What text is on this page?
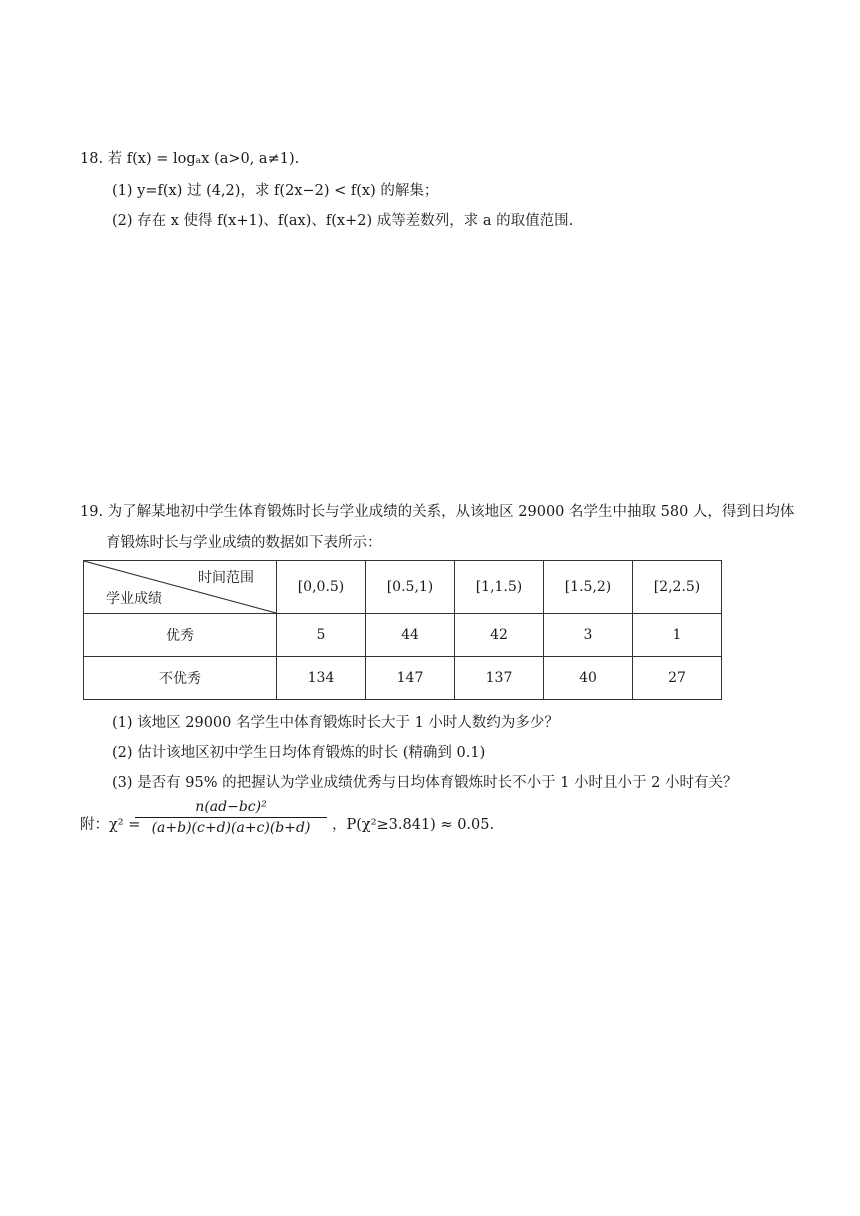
18. 若 f(x) = logₐx (a>0, a≠1).
(1) y=f(x) 过 (4,2)，求 f(2x−2) < f(x) 的解集；
(2) 存在 x 使得 f(x+1)、f(ax)、f(x+2) 成等差数列，求 a 的取值范围.
19. 为了解某地初中学生体育锻炼时长与学业成绩的关系，从该地区 29000 名学生中抽取 580 人，得到日均体
育锻炼时长与学业成绩的数据如下表所示：
时间范围
学业成绩	[0,0.5)	[0.5,1)	[1,1.5)	[1.5,2)	[2,2.5)
优秀	5	44	42	3	1
不优秀	134	147	137	40	27
(1) 该地区 29000 名学生中体育锻炼时长大于 1 小时人数约为多少？
(2) 估计该地区初中学生日均体育锻炼的时长 (精确到 0.1)
(3) 是否有 95% 的把握认为学业成绩优秀与日均体育锻炼时长不小于 1 小时且小于 2 小时有关？
附：χ² =
n(ad−bc)²
(a+b)(c+d)(a+c)(b+d)	，P(χ²≥3.841) ≈ 0.05.
